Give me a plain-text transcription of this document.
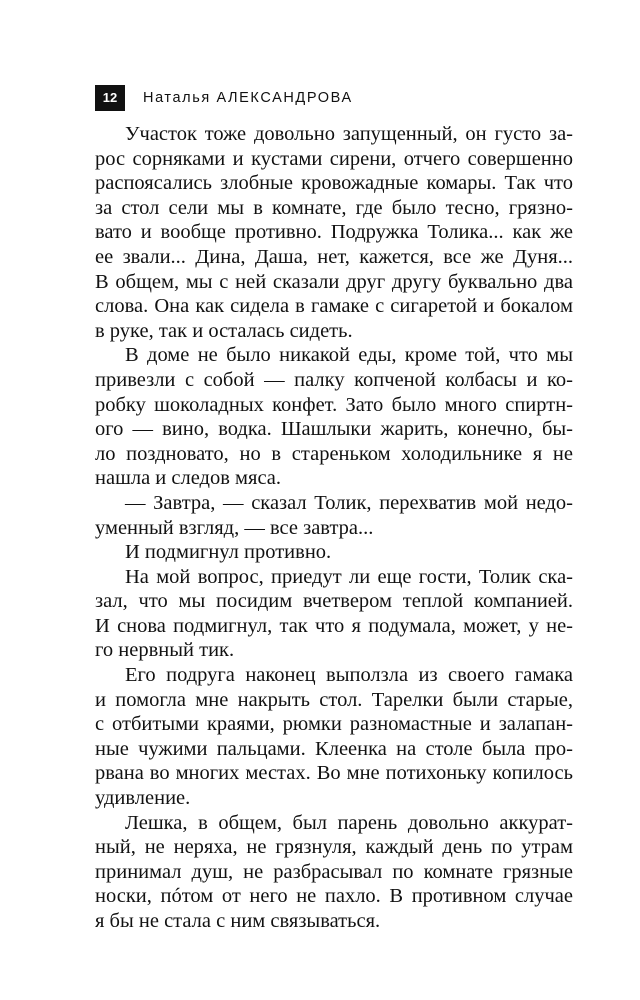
12	Наталья АЛЕКСАНДРОВА
Участок тоже довольно запущенный, он густо за-
рос сорняками и кустами сирени, отчего совершенно
распоясались злобные кровожадные комары. Так что
за стол сели мы в комнате, где было тесно, грязно-
вато и вообще противно. Подружка Толика... как же
ее звали... Дина, Даша, нет, кажется, все же Дуня...
В общем, мы с ней сказали друг другу буквально два
слова. Она как сидела в гамаке с сигаретой и бокалом
в руке, так и осталась сидеть.
В доме не было никакой еды, кроме той, что мы
привезли с собой — палку копченой колбасы и ко-
робку шоколадных конфет. Зато было много спиртн-
ого — вино, водка. Шашлыки жарить, конечно, бы-
ло поздновато, но в стареньком холодильнике я не
нашла и следов мяса.
— Завтра, — сказал Толик, перехватив мой недо-
уменный взгляд, — все завтра...
И подмигнул противно.
На мой вопрос, приедут ли еще гости, Толик ска-
зал, что мы посидим вчетвером теплой компанией.
И снова подмигнул, так что я подумала, может, у не-
го нервный тик.
Его подруга наконец выползла из своего гамака
и помогла мне накрыть стол. Тарелки были старые,
с отбитыми краями, рюмки разномастные и залапан-
ные чужими пальцами. Клеенка на столе была про-
рвана во многих местах. Во мне потихоньку копилось
удивление.
Лешка, в общем, был парень довольно аккурат-
ный, не неряха, не грязнуля, каждый день по утрам
принимал душ, не разбрасывал по комнате грязные
носки, пóтом от него не пахло. В противном случае
я бы не стала с ним связываться.
